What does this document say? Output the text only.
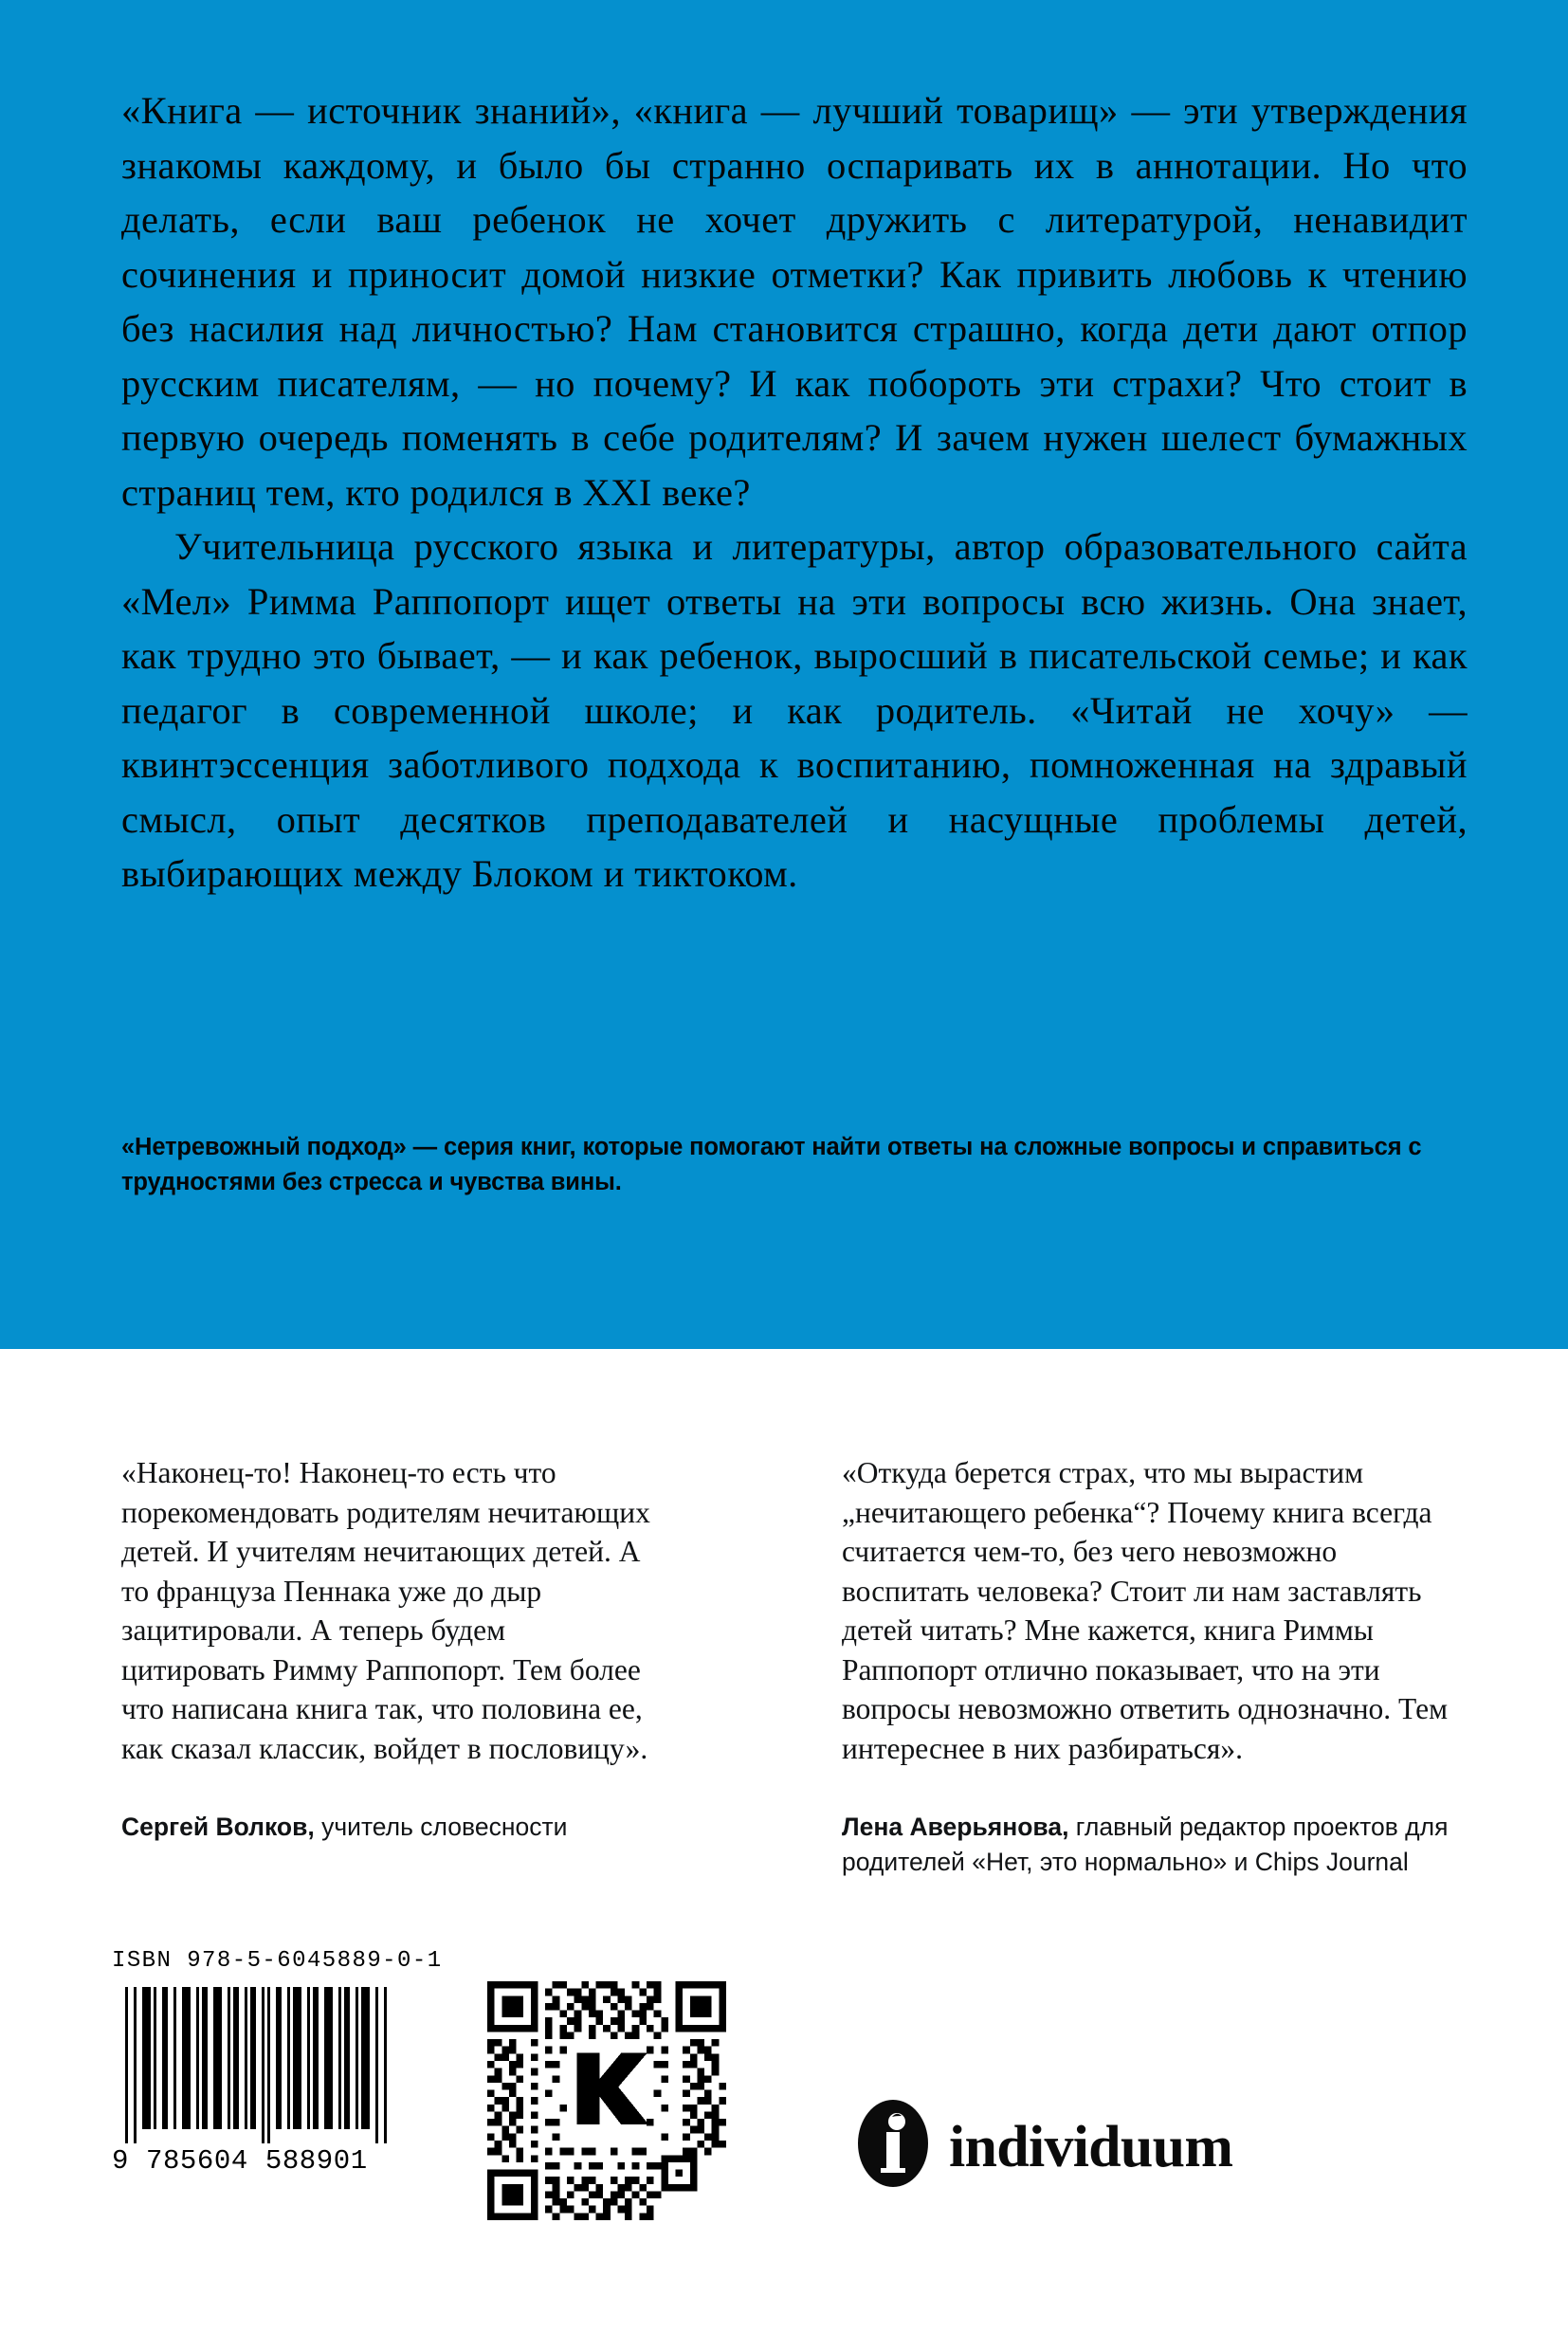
«Книга — источник знаний», «книга — лучший товарищ» — эти утверждения знакомы каждому, и было бы странно оспаривать их в аннотации. Но что делать, если ваш ребенок не хочет дружить с литературой, ненавидит сочинения и приносит домой низкие отметки? Как привить любовь к чтению без насилия над личностью? Нам становится страшно, когда дети дают отпор русским писателям, — но почему? И как побороть эти страхи? Что стоит в первую очередь поменять в себе родителям? И зачем нужен шелест бумажных страниц тем, кто родился в XXI веке?

Учительница русского языка и литературы, автор образовательного сайта «Мел» Римма Раппопорт ищет ответы на эти вопросы всю жизнь. Она знает, как трудно это бывает, — и как ребенок, выросший в писательской семье; и как педагог в современной школе; и как родитель. «Читай не хочу» — квинтэссенция заботливого подхода к воспитанию, помноженная на здравый смысл, опыт десятков преподавателей и насущные проблемы детей, выбирающих между Блоком и тиктоком.

«Нетревожный подход» — серия книг, которые помогают найти ответы на сложные вопросы и справиться с трудностями без стресса и чувства вины.

«Наконец-то! Наконец-то есть что порекомендовать родителям нечитающих детей. И учителям нечитающих детей. А то француза Пеннака уже до дыр зацитировали. А теперь будем цитировать Римму Раппопорт. Тем более что написана книга так, что половина ее, как сказал классик, войдет в пословицу».

Сергей Волков, учитель словесности

«Откуда берется страх, что мы вырастим „нечитающего ребенка“? Почему книга всегда считается чем-то, без чего невозможно воспитать человека? Стоит ли нам заставлять детей читать? Мне кажется, книга Риммы Раппопорт отлично показывает, что на эти вопросы невозможно ответить однозначно. Тем интереснее в них разбираться».

Лена Аверьянова, главный редактор проектов для родителей «Нет, это нормально» и Chips Journal

ISBN 978-5-6045889-0-1
9 785604 588901	individuum
